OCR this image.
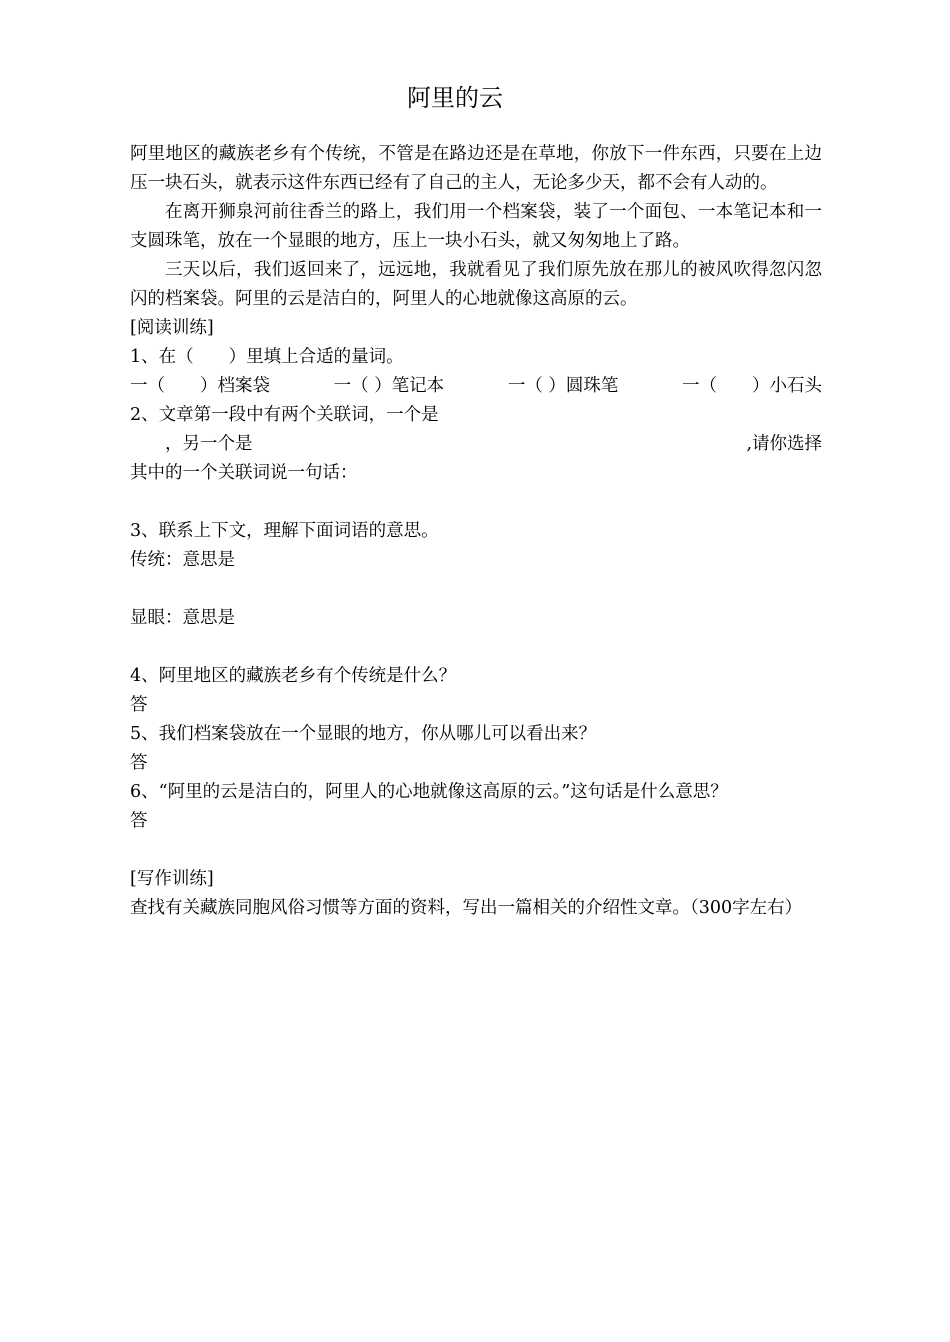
阿里的云

阿里地区的藏族老乡有个传统，不管是在路边还是在草地，你放下一件东西，只要在上边压一块石头，就表示这件东西已经有了自己的主人，无论多少天，都不会有人动的。

在离开狮泉河前往香兰的路上，我们用一个档案袋，装了一个面包、一本笔记本和一支圆珠笔，放在一个显眼的地方，压上一块小石头，就又匆匆地上了路。

三天以后，我们返回来了，远远地，我就看见了我们原先放在那儿的被风吹得忽闪忽闪的档案袋。阿里的云是洁白的，阿里人的心地就像这高原的云。

[阅读训练]

1、在（　　）里填上合适的量词。

一（　　）档案袋	一（ ）笔记本	一（ ）圆珠笔	一（　　）小石头

2、文章第一段中有两个关联词，一个是

　　，另一个是	,请你选择

其中的一个关联词说一句话：

3、联系上下文，理解下面词语的意思。

传统：意思是

显眼：意思是

4、阿里地区的藏族老乡有个传统是什么？

答

5、我们档案袋放在一个显眼的地方，你从哪儿可以看出来？

答

6、“阿里的云是洁白的，阿里人的心地就像这高原的云。”这句话是什么意思？

答

[写作训练]

查找有关藏族同胞风俗习惯等方面的资料，写出一篇相关的介绍性文章。（300字左右）
